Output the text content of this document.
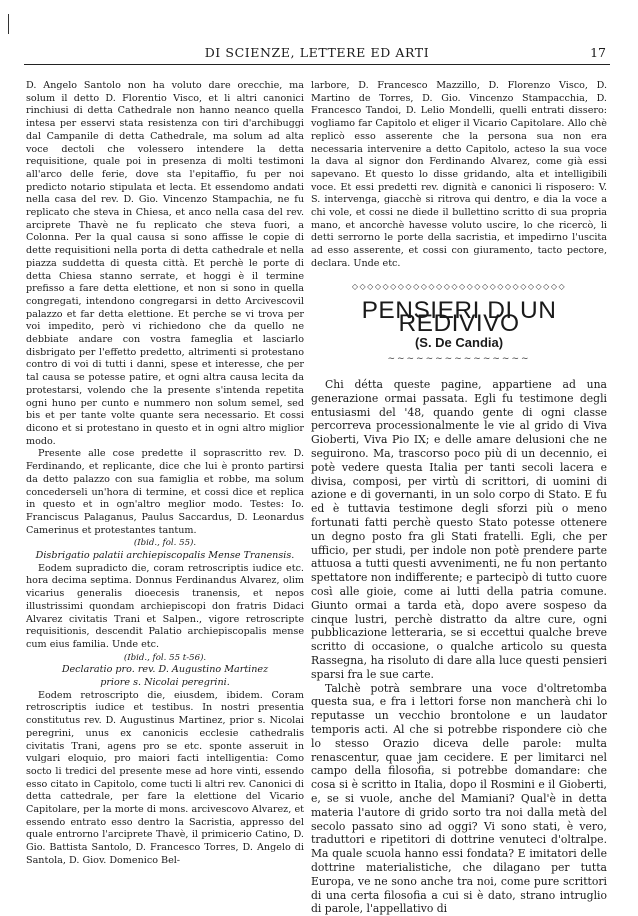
DI SCIENZE, LETTERE ED ARTI	17

D. Angelo Santolo non ha voluto dare orecchie, ma solum il detto D. Florentio Visco, et li altri canonici rinchiusi di detta Cathedrale non hanno neanco quella intesa per esservi stata resistenza con tiri d'archibuggi dal Campanile di detta Cathedrale, ma solum ad alta voce dectoli che volessero intendere la detta requisitione, quale poi in presenza di molti testimoni all'arco delle ferie, dove sta l'epitaffio, fu per noi predicto notario stipulata et lecta. Et essendomo andati nella casa del rev. D. Gio. Vincenzo Stampachia, ne fu replicato che steva in Chiesa, et anco nella casa del rev. arciprete Thavè ne fu replicato che steva fuori, a Colonna. Per la qual causa si sono affisse le copie di dette requisitioni nella porta di detta cathedrale et nella piazza suddetta di questa città. Et perchè le porte di detta Chiesa stanno serrate, et hoggi è il termine prefisso a fare detta elettione, et non si sono in quella congregati, intendono congregarsi in detto Arcivescovil palazzo et far detta elettione. Et perche se vi trova per voi impedito, però vi richiedono che da quello ne debbiate andare con vostra fameglia et lasciarlo disbrigato per l'effetto predetto, altrimenti si protestano contro di voi di tutti i danni, spese et interesse, che per tal causa se potesse patire, et ogni altra causa lecita da protestarsi, volendo che la presente s'intenda repetita ogni huno per cunto e nummero non solum semel, sed bis et per tante volte quante sera necessario. Et cossi dicono et si protestano in questo et in ogni altro miglior modo.

Presente alle cose predette il soprascritto rev. D. Ferdinando, et replicante, dice che lui è pronto partirsi da detto palazzo con sua famiglia et robbe, ma solum concederseli un'hora di termine, et cossi dice et replica in questo et in ogn'altro meglior modo. Testes: Io. Franciscus Palaganus, Paulus Saccardus, D. Leonardus Camerinus et protestantes tantum.

(Ibid., fol. 55).

Disbrigatio palatii archiepiscopalis Mense Tranensis.

Eodem supradicto die, coram retroscriptis iudice etc. hora decima septima. Donnus Ferdinandus Alvarez, olim vicarius generalis dioecesis tranensis, et nepos illustrissimi quondam archiepiscopi don fratris Didaci Alvarez civitatis Trani et Salpen., vigore retroscripte requisitionis, descendit Palatio archiepiscopalis mense cum eius familia. Unde etc.

(Ibid., fol. 55 t-56).

Declaratio pro. rev. D. Augustino Martinez

priore s. Nicolai peregrini.

Eodem retroscripto die, eiusdem, ibidem. Coram retroscriptis iudice et testibus. In nostri presentia constitutus rev. D. Augustinus Martinez, prior s. Nicolai peregrini, unus ex canonicis ecclesie cathedralis civitatis Trani, agens pro se etc. sponte asseruit in vulgari eloquio, pro maiori facti intelligentia: Como socto li tredici del presente mese ad hore vinti, essendo esso citato in Capitolo, come tucti li altri rev. Canonici di detta cattedrale, per fare la elettione del Vicario Capitolare, per la morte di mons. arcivescovo Alvarez, et essendo entrato esso dentro la Sacristia, appresso del quale entrorno l'arciprete Thavè, il primicerio Catino, D. Gio. Battista Santolo, D. Francesco Torres, D. Angelo di Santola, D. Giov. Domenico Bel-

larbore, D. Francesco Mazzillo, D. Florenzo Visco, D. Martino de Torres, D. Gio. Vincenzo Stampacchia, D. Francesco Tandoi, D. Lelio Mondelli, quelli entrati dissero: vogliamo far Capitolo et eliger il Vicario Capitolare. Allo chè replicò esso asserente che la persona sua non era necessaria intervenire a detto Capitolo, acteso la sua voce la dava al signor don Ferdinando Alvarez, come già essi sapevano. Et questo lo disse gridando, alta et intelligibili voce. Et essi predetti rev. dignità e canonici li risposero: V. S. intervenga, giacchè si ritrova qui dentro, e dia la voce a chi vole, et cossi ne diede il bullettino scritto di sua propria mano, et ancorchè havesse voluto uscire, lo che ricercò, li detti serrorno le porte della sacristia, et impedirno l'uscita ad esso asserente, et cossi con giuramento, tacto pectore, declara. Unde etc.

◇◇◇◇◇◇◇◇◇◇◇◇◇◇◇◇◇◇◇◇◇◇◇◇◇◇◇◇
PENSIERI DI UN REDIVIVO
(S. De Candia)
~~~~~~~~~~~~~~~

Chi détta queste pagine, appartiene ad una generazione ormai passata. Egli fu testimone degli entusiasmi del '48, quando gente di ogni classe percorreva processionalmente le vie al grido di Viva Gioberti, Viva Pio IX; e delle amare delusioni che ne seguirono. Ma, trascorso poco più di un decennio, ei potè vedere questa Italia per tanti secoli lacera e divisa, composi, per virtù di scrittori, di uomini di azione e di governanti, in un solo corpo di Stato. E fu ed è tuttavia testimone degli sforzi più o meno fortunati fatti perchè questo Stato potesse ottenere un degno posto fra gli Stati fratelli. Egli, che per ufficio, per studi, per indole non potè prendere parte attuosa a tutti questi avvenimenti, ne fu non pertanto spettatore non indifferente; e partecipò di tutto cuore così alle gioie, come ai lutti della patria comune. Giunto ormai a tarda età, dopo avere sospeso da cinque lustri, perchè distratto da altre cure, ogni pubblicazione letteraria, se si eccettui qualche breve scritto di occasione, o qualche articolo su questa Rassegna, ha risoluto di dare alla luce questi pensieri sparsi fra le sue carte.

Talchè potrà sembrare una voce d'oltretomba questa sua, e fra i lettori forse non mancherà chi lo reputasse un vecchio brontolone e un laudator temporis acti. Al che si potrebbe rispondere ciò che lo stesso Orazio diceva delle parole: multa renascentur, quae jam cecidere. E per limitarci nel campo della filosofia, si potrebbe domandare: che cosa si è scritto in Italia, dopo il Rosmini e il Gioberti, e, se si vuole, anche del Mamiani? Qual'è in detta materia l'autore di grido sorto tra noi dalla metà del secolo passato sino ad oggi? Vi sono stati, è vero, traduttori e ripetitori di dottrine venuteci d'oltralpe. Ma quale scuola hanno essi fondata? E imitatori delle dottrine materialistiche, che dilagano per tutta Europa, ve ne sono anche tra noi, come pure scrittori di una certa filosofia a cui si è dato, strano intruglio di parole, l'appellativo di
